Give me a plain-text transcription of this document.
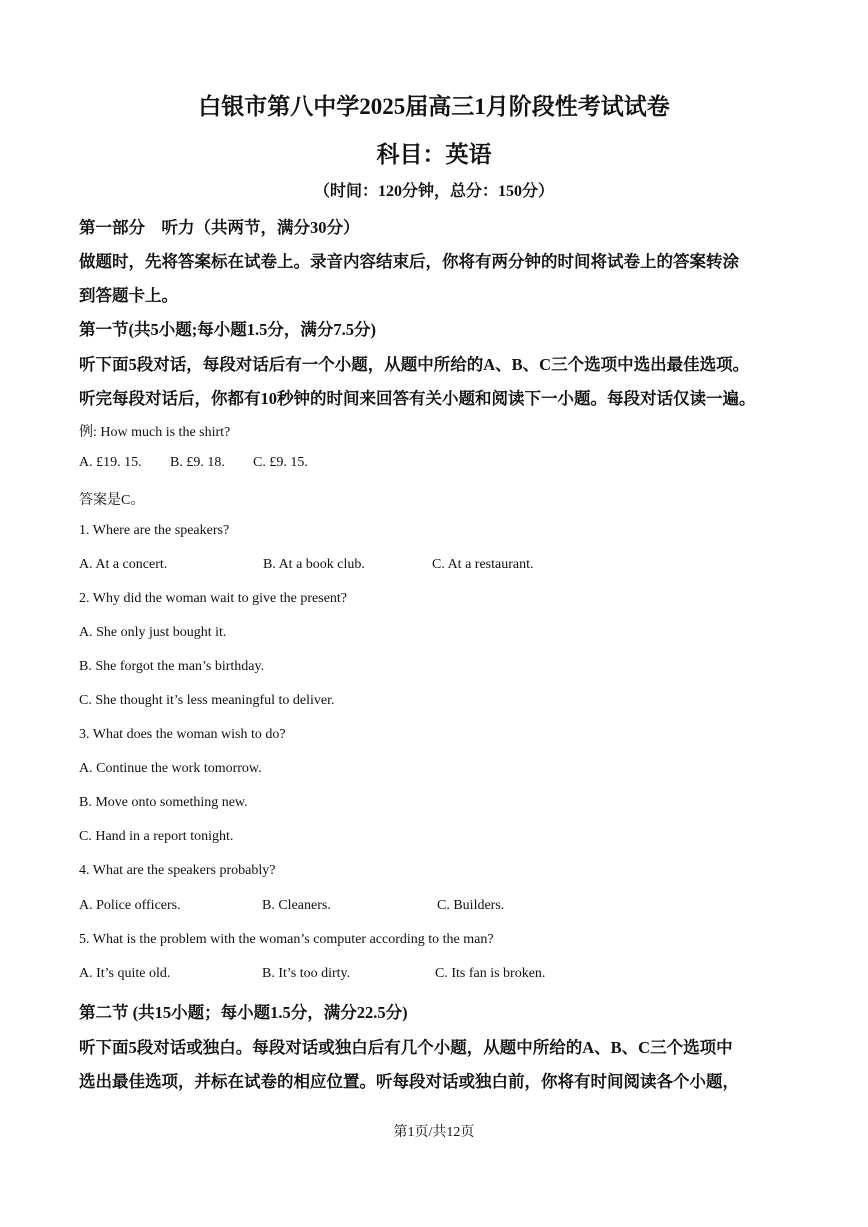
白银市第八中学2025届高三1月阶段性考试试卷
科目：英语
（时间：120分钟，总分：150分）
第一部分　听力（共两节，满分30分）
做题时，先将答案标在试卷上。录音内容结束后，你将有两分钟的时间将试卷上的答案转涂
到答题卡上。
第一节(共5小题;每小题1.5分，满分7.5分)
听下面5段对话，每段对话后有一个小题，从题中所给的A、B、C三个选项中选出最佳选项。
听完每段对话后，你都有10秒钟的时间来回答有关小题和阅读下一小题。每段对话仅读一遍。
例: How much is the shirt?
A. £19. 15. B. £9. 18. C. £9. 15.
答案是C。
1. Where are the speakers?
A. At a concert.	B. At a book club.	C. At a restaurant.
2. Why did the woman wait to give the present?
A. She only just bought it.
B. She forgot the man’s birthday.
C. She thought it’s less meaningful to deliver.
3. What does the woman wish to do?
A. Continue the work tomorrow.
B. Move onto something new.
C. Hand in a report tonight.
4. What are the speakers probably?
A. Police officers.	B. Cleaners.	C. Builders.
5. What is the problem with the woman’s computer according to the man?
A. It’s quite old.	B. It’s too dirty.	C. Its fan is broken.
第二节 (共15小题；每小题1.5分，满分22.5分)
听下面5段对话或独白。每段对话或独白后有几个小题，从题中所给的A、B、C三个选项中
选出最佳选项，并标在试卷的相应位置。听每段对话或独白前，你将有时间阅读各个小题，
第1页/共12页
